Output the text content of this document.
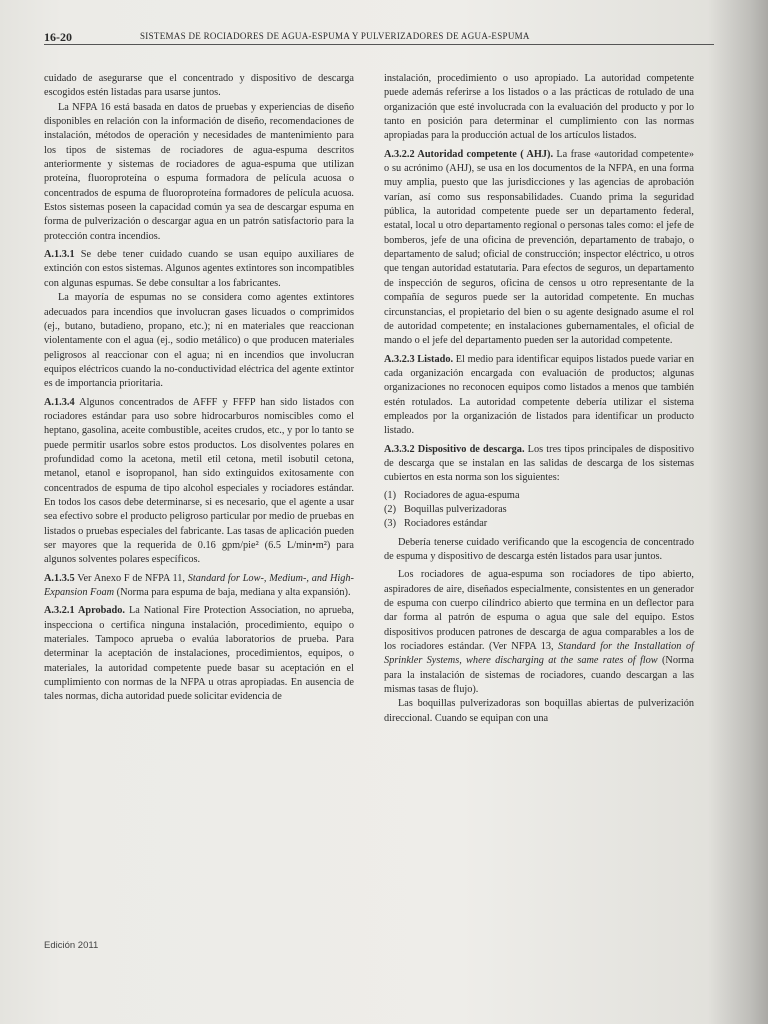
16-20	SISTEMAS DE ROCIADORES DE AGUA-ESPUMA Y PULVERIZADORES DE AGUA-ESPUMA

cuidado de asegurarse que el concentrado y dispositivo de descarga escogidos estén listadas para usarse juntos.

La NFPA 16 está basada en datos de pruebas y experiencias de diseño disponibles en relación con la información de diseño, recomendaciones de instalación, métodos de operación y necesidades de mantenimiento para los tipos de sistemas de rociadores de agua-espuma descritos anteriormente y sistemas de rociadores de agua-espuma que utilizan proteína, fluoroproteína o espuma formadora de película acuosa o concentrados de espuma de fluoroproteína formadores de película acuosa. Estos sistemas poseen la capacidad común ya sea de descargar espuma en forma de pulverización o descargar agua en un patrón satisfactorio para la protección contra incendios.

A.1.3.1 Se debe tener cuidado cuando se usan equipo auxiliares de extinción con estos sistemas. Algunos agentes extintores son incompatibles con algunas espumas. Se debe consultar a los fabricantes.

La mayoría de espumas no se considera como agentes extintores adecuados para incendios que involucran gases licuados o comprimidos (ej., butano, butadieno, propano, etc.); ni en materiales que reaccionan violentamente con el agua (ej., sodio metálico) o que producen materiales peligrosos al reaccionar con el agua; ni en incendios que involucran equipos eléctricos cuando la no-conductividad eléctrica del agente extintor es de importancia prioritaria.

A.1.3.4 Algunos concentrados de AFFF y FFFP han sido listados con rociadores estándar para uso sobre hidrocarburos nomiscibles como el heptano, gasolina, aceite combustible, aceites crudos, etc., y por lo tanto se puede permitir usarlos sobre estos productos. Los disolventes polares en profundidad como la acetona, metil etil cetona, metil isobutil cetona, metanol, etanol e isopropanol, han sido extinguidos exitosamente con concentrados de espuma de tipo alcohol especiales y rociadores estándar. En todos los casos debe determinarse, si es necesario, que el agente a usar sea efectivo sobre el producto peligroso particular por medio de pruebas en listados o pruebas especiales del fabricante. Las tasas de aplicación pueden ser mayores que la requerida de 0.16 gpm/pie² (6.5 L/min•m²) para algunos solventes polares específicos.

A.1.3.5 Ver Anexo F de NFPA 11, Standard for Low-, Medium-, and High-Expansion Foam (Norma para espuma de baja, mediana y alta expansión).

A.3.2.1 Aprobado. La National Fire Protection Association, no aprueba, inspecciona o certifica ninguna instalación, procedimiento, equipo o materiales. Tampoco aprueba o evalúa laboratorios de prueba. Para determinar la aceptación de instalaciones, procedimientos, equipos, o materiales, la autoridad competente puede basar su aceptación en el cumplimiento con normas de la NFPA u otras apropiadas. En ausencia de tales normas, dicha autoridad puede solicitar evidencia de

instalación, procedimiento o uso apropiado. La autoridad competente puede además referirse a los listados o a las prácticas de rotulado de una organización que esté involucrada con la evaluación del producto y por lo tanto en posición para determinar el cumplimiento con las normas apropiadas para la producción actual de los artículos listados.

A.3.2.2 Autoridad competente ( AHJ). La frase «autoridad competente» o su acrónimo (AHJ), se usa en los documentos de la NFPA, en una forma muy amplia, puesto que las jurisdicciones y las agencias de aprobación varían, así como sus responsabilidades. Cuando prima la seguridad pública, la autoridad competente puede ser un departamento federal, estatal, local u otro departamento regional o personas tales como: el jefe de bomberos, jefe de una oficina de prevención, departamento de trabajo, o departamento de salud; oficial de construcción; inspector eléctrico, u otros que tengan autoridad estatutaria. Para efectos de seguros, un departamento de inspección de seguros, oficina de censos u otro representante de la compañía de seguros puede ser la autoridad competente. En muchas circunstancias, el propietario del bien o su agente designado asume el rol de autoridad competente; en instalaciones gubernamentales, el oficial de mando o el jefe del departamento pueden ser la autoridad competente.

A.3.2.3 Listado. El medio para identificar equipos listados puede variar en cada organización encargada con evaluación de productos; algunas organizaciones no reconocen equipos como listados a menos que también estén rotulados. La autoridad competente debería utilizar el sistema empleados por la organización de listados para identificar un producto listado.

A.3.3.2 Dispositivo de descarga. Los tres tipos principales de dispositivo de descarga que se instalan en las salidas de descarga de los sistemas cubiertos en esta norma son los siguientes:

(1) Rociadores de agua-espuma
(2) Boquillas pulverizadoras
(3) Rociadores estándar

Debería tenerse cuidado verificando que la escogencia de concentrado de espuma y dispositivo de descarga estén listados para usar juntos.

Los rociadores de agua-espuma son rociadores de tipo abierto, aspiradores de aire, diseñados especialmente, consistentes en un generador de espuma con cuerpo cilíndrico abierto que termina en un deflector para dar forma al patrón de espuma o agua que sale del equipo. Estos dispositivos producen patrones de descarga de agua comparables a los de los rociadores estándar. (Ver NFPA 13, Standard for the Installation of Sprinkler Systems, where discharging at the same rates of flow (Norma para la instalación de sistemas de rociadores, cuando descargan a las mismas tasas de flujo).

Las boquillas pulverizadoras son boquillas abiertas de pulverización direccional. Cuando se equipan con una

Edición 2011
